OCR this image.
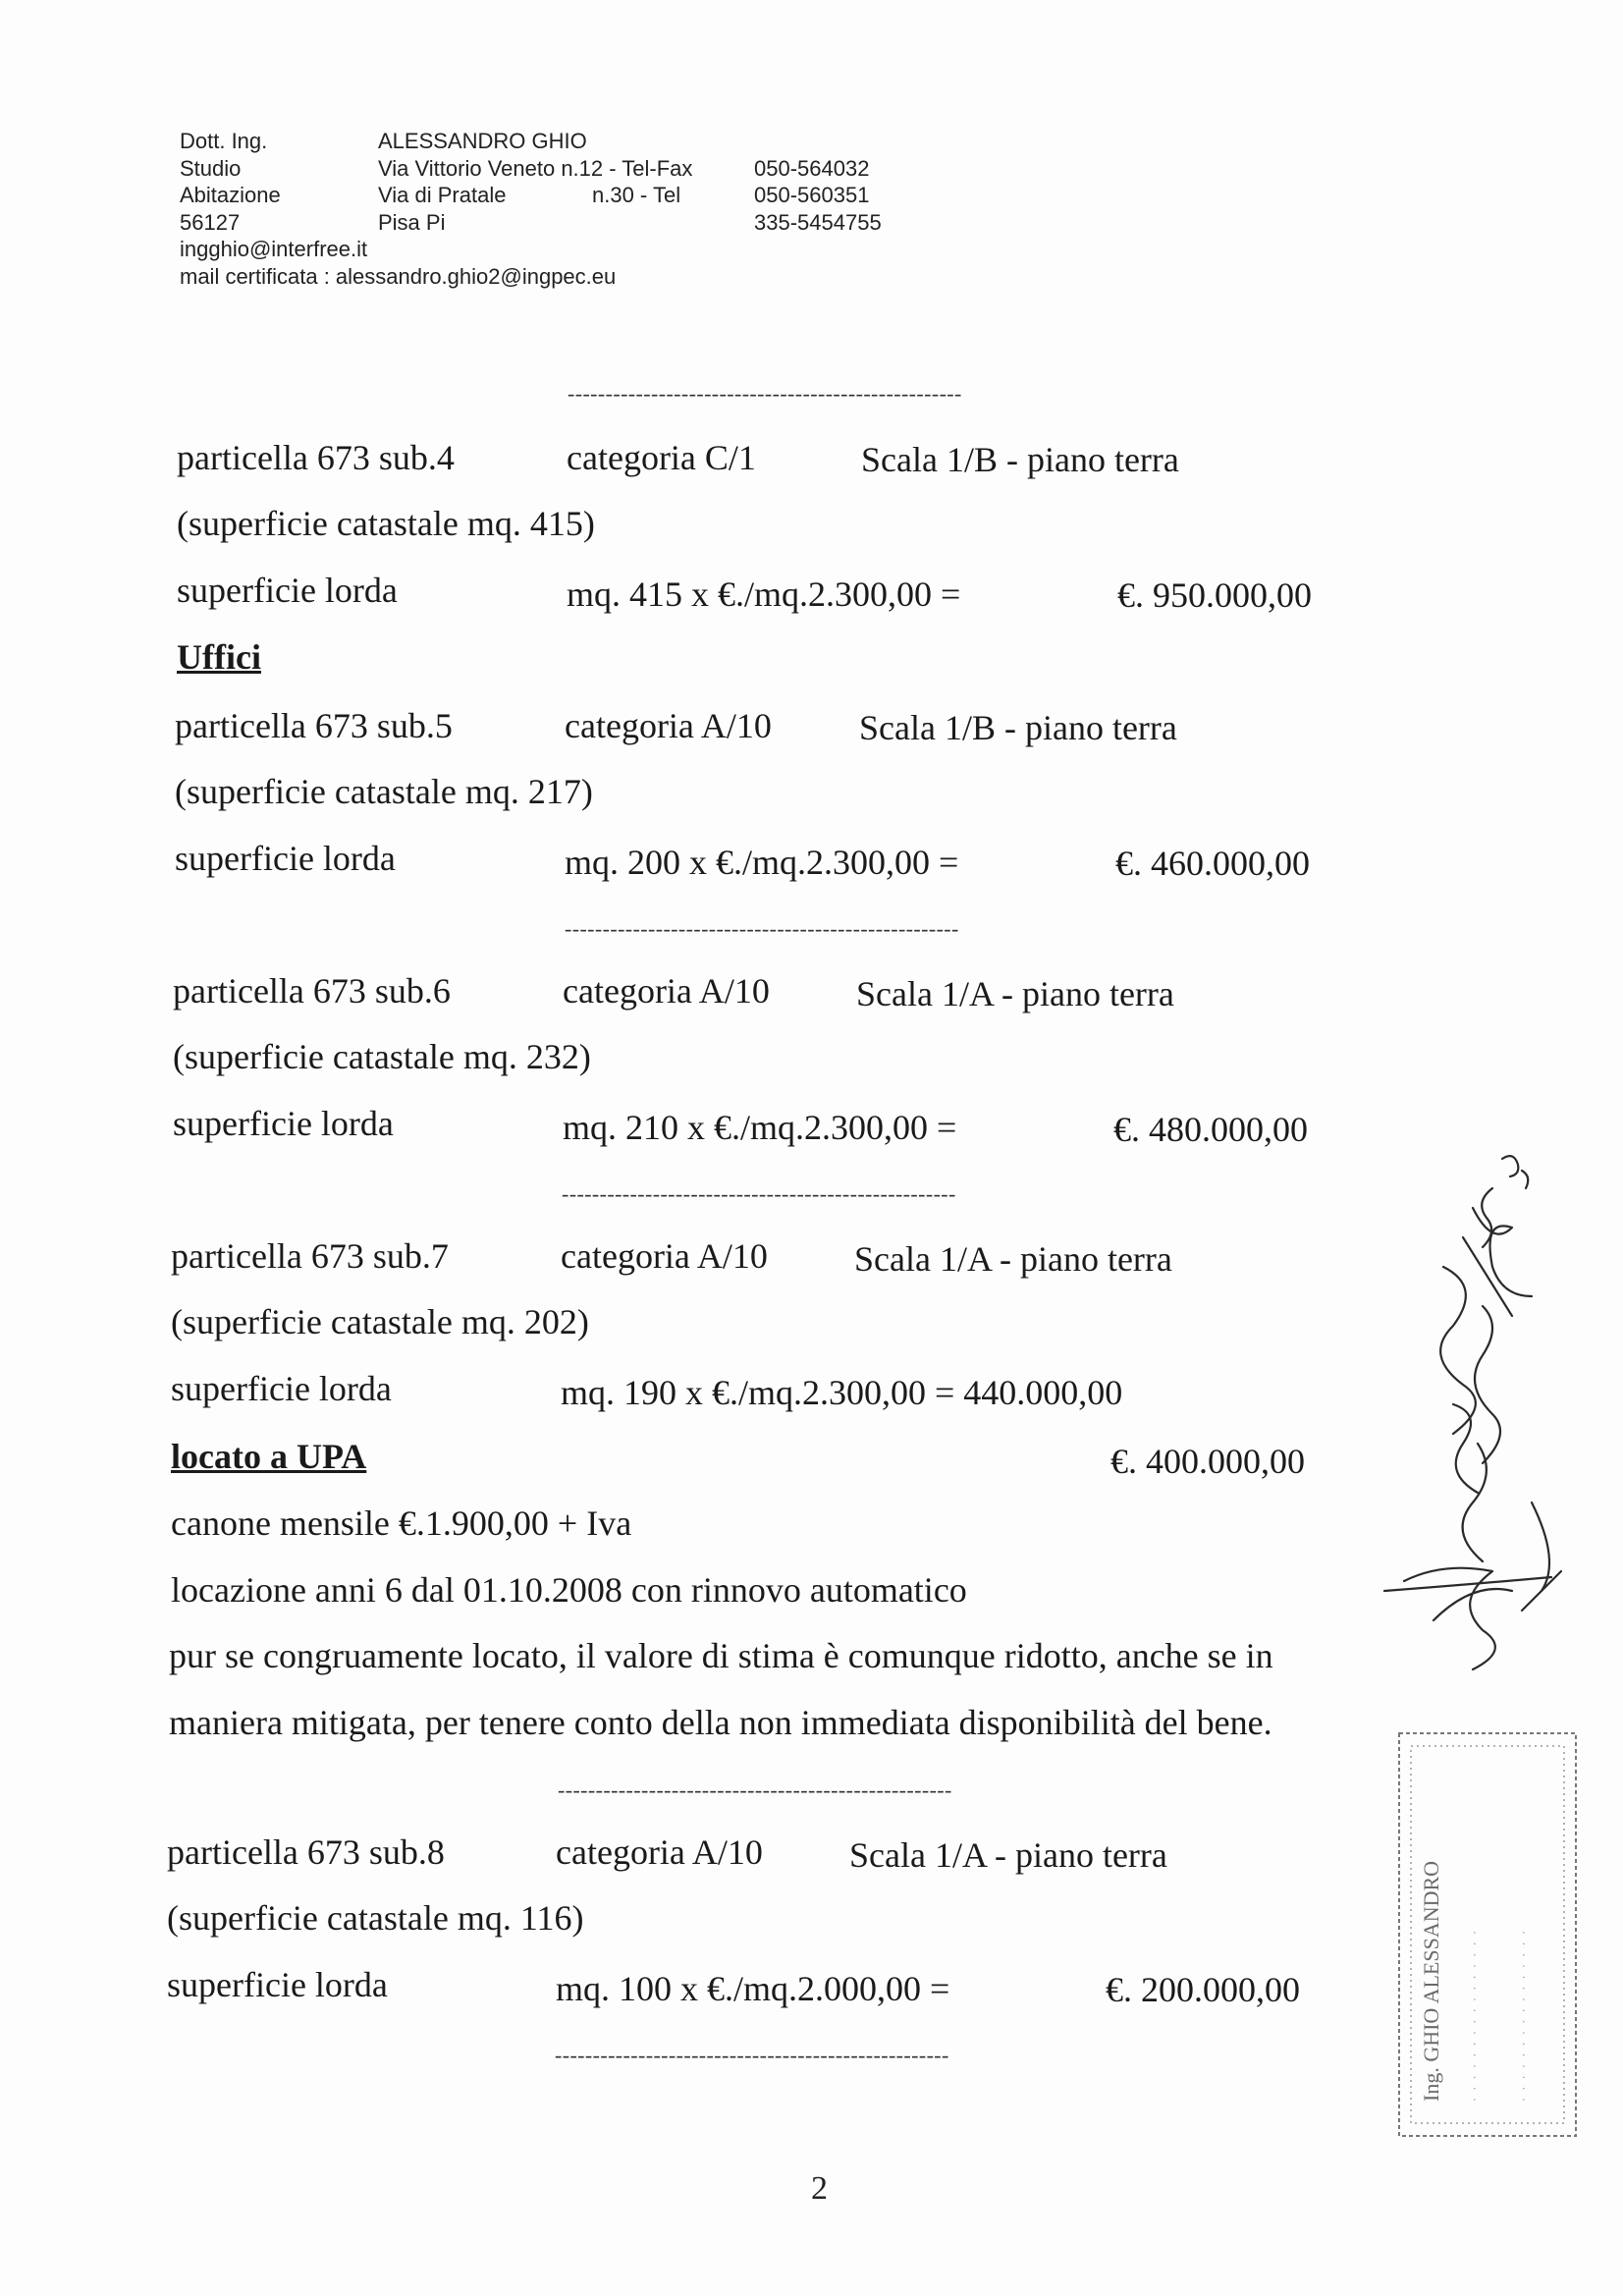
Dott. Ing.	ALESSANDRO GHIO
Studio	Via Vittorio Veneto n.12 - Tel-Fax	050-564032
Abitazione	Via di Pratale	n.30 - Tel	050-560351
56127	Pisa Pi	335-5454755
ingghio@interfree.it
mail certificata : alessandro.ghio2@ingpec.eu
----------------------------------------------------
particella 673 sub.4	categoria C/1	Scala 1/B - piano terra
(superficie catastale mq. 415)
superficie lorda	mq. 415 x €./mq.2.300,00 =	€. 950.000,00
Uffici
particella 673 sub.5	categoria A/10 Scala 1/B - piano terra
(superficie catastale mq. 217)
superficie lorda	mq. 200 x €./mq.2.300,00 =	€. 460.000,00
----------------------------------------------------
particella 673 sub.6	categoria A/10 Scala 1/A - piano terra
(superficie catastale mq. 232)
superficie lorda	mq. 210 x €./mq.2.300,00 =	€. 480.000,00
----------------------------------------------------
particella 673 sub.7	categoria A/10 Scala 1/A - piano terra
(superficie catastale mq. 202)
superficie lorda	mq. 190 x €./mq.2.300,00 = 440.000,00
locato a UPA	€. 400.000,00
canone mensile €.1.900,00 + Iva
locazione anni 6 dal 01.10.2008 con rinnovo automatico
pur se congruamente locato, il valore di stima è comunque ridotto, anche se in
maniera mitigata, per tenere conto della non immediata disponibilità del bene.
----------------------------------------------------
particella 673 sub.8	categoria A/10 Scala 1/A - piano terra
(superficie catastale mq. 116)
superficie lorda	mq. 100 x €./mq.2.000,00 =	€. 200.000,00
----------------------------------------------------	Ing. GHIO ALESSANDRO · · · · · · · · · · · · · · · ·	· · · · · · · · · · · · · · · ·
2
